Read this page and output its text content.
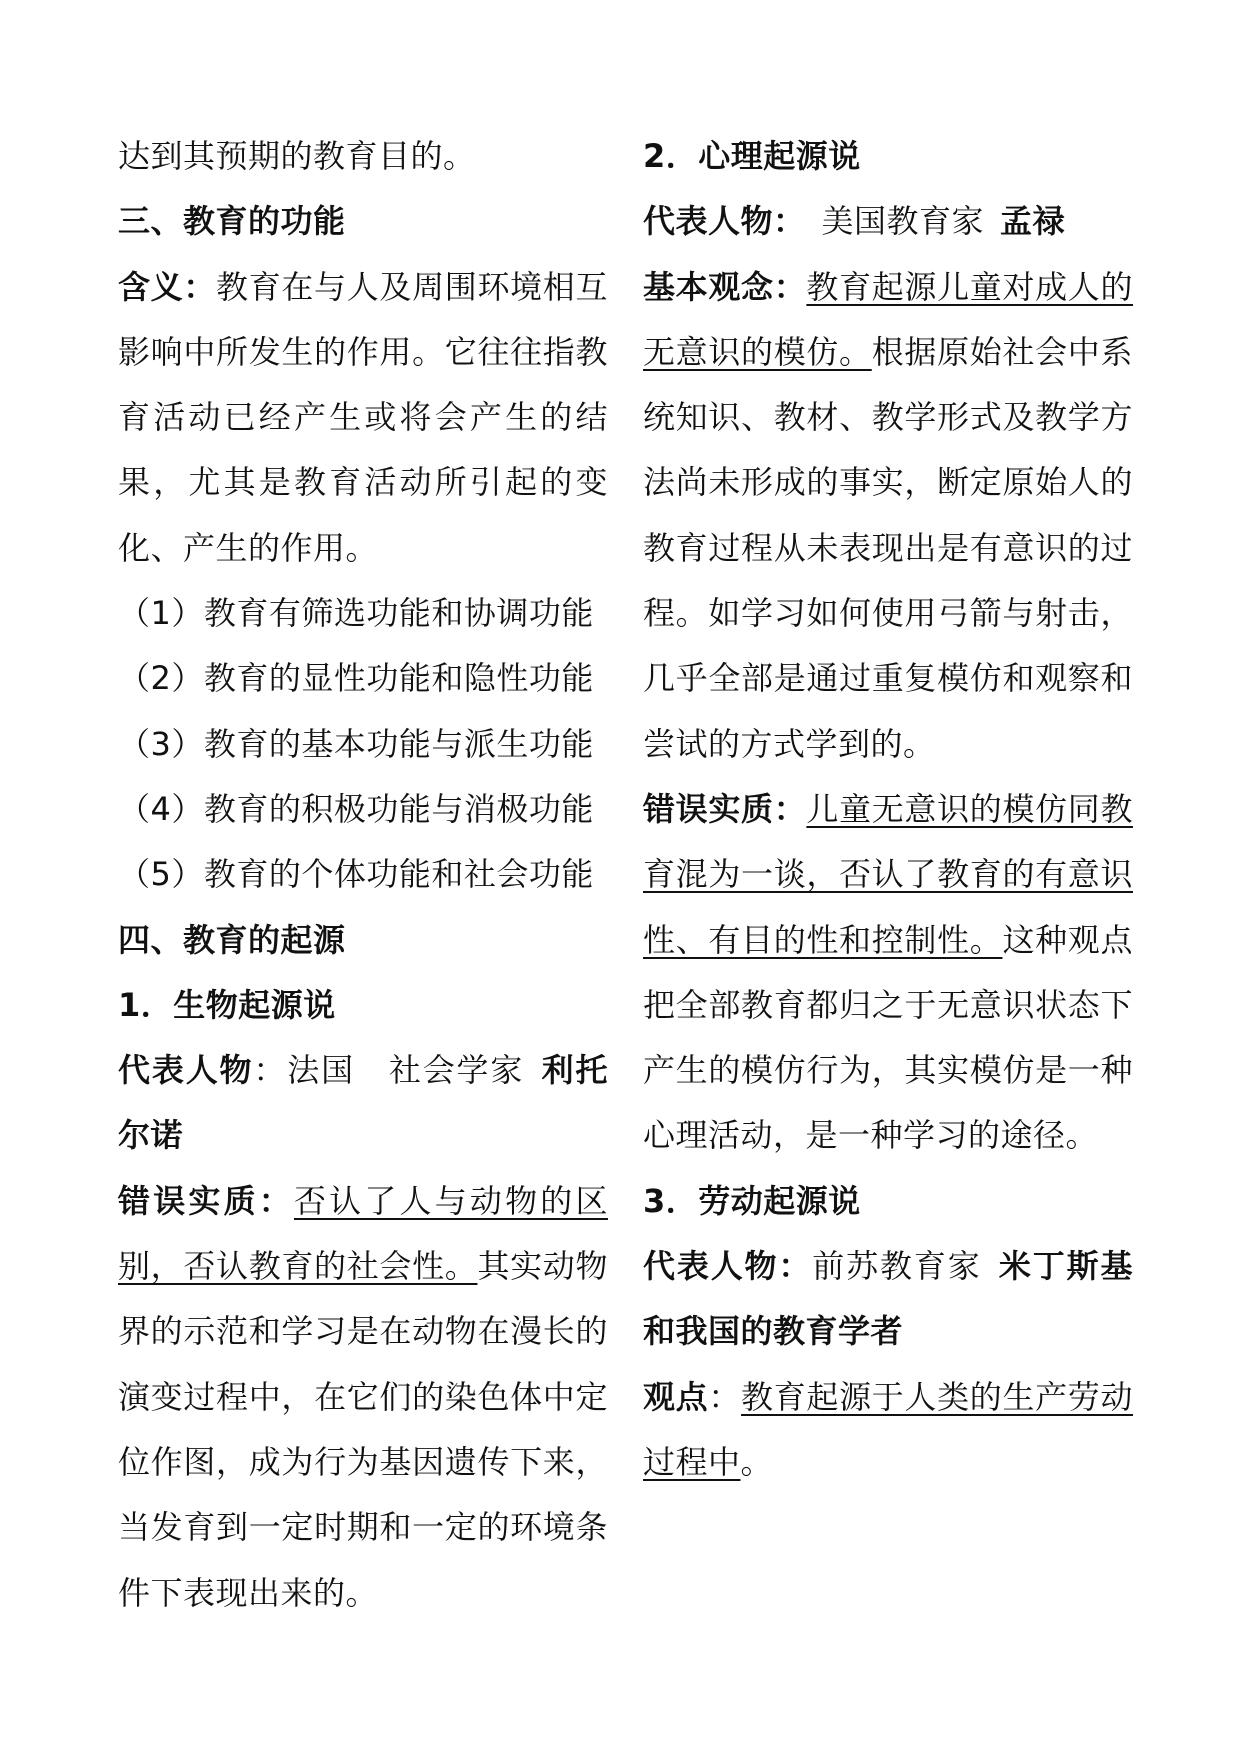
达到其预期的教育目的。

三、教育的功能

含义：教育在与人及周围环境相互影响中所发生的作用。它往往指教育活动已经产生或将会产生的结果，尤其是教育活动所引起的变化、产生的作用。

（1）教育有筛选功能和协调功能

（2）教育的显性功能和隐性功能

（3）教育的基本功能与派生功能

（4）教育的积极功能与消极功能

（5）教育的个体功能和社会功能

四、教育的起源

1．生物起源说

代表人物：法国　社会学家 利托尔诺

错误实质：否认了人与动物的区别，否认教育的社会性。其实动物界的示范和学习是在动物在漫长的演变过程中，在它们的染色体中定位作图，成为行为基因遗传下来，当发育到一定时期和一定的环境条件下表现出来的。

2．心理起源说

代表人物： 美国教育家 孟禄

基本观念：教育起源儿童对成人的无意识的模仿。根据原始社会中系统知识、教材、教学形式及教学方法尚未形成的事实，断定原始人的教育过程从未表现出是有意识的过程。如学习如何使用弓箭与射击，几乎全部是通过重复模仿和观察和尝试的方式学到的。

错误实质：儿童无意识的模仿同教育混为一谈，否认了教育的有意识性、有目的性和控制性。这种观点把全部教育都归之于无意识状态下产生的模仿行为，其实模仿是一种心理活动，是一种学习的途径。

3．劳动起源说

代表人物：前苏教育家 米丁斯基和我国的教育学者

观点：教育起源于人类的生产劳动过程中。
